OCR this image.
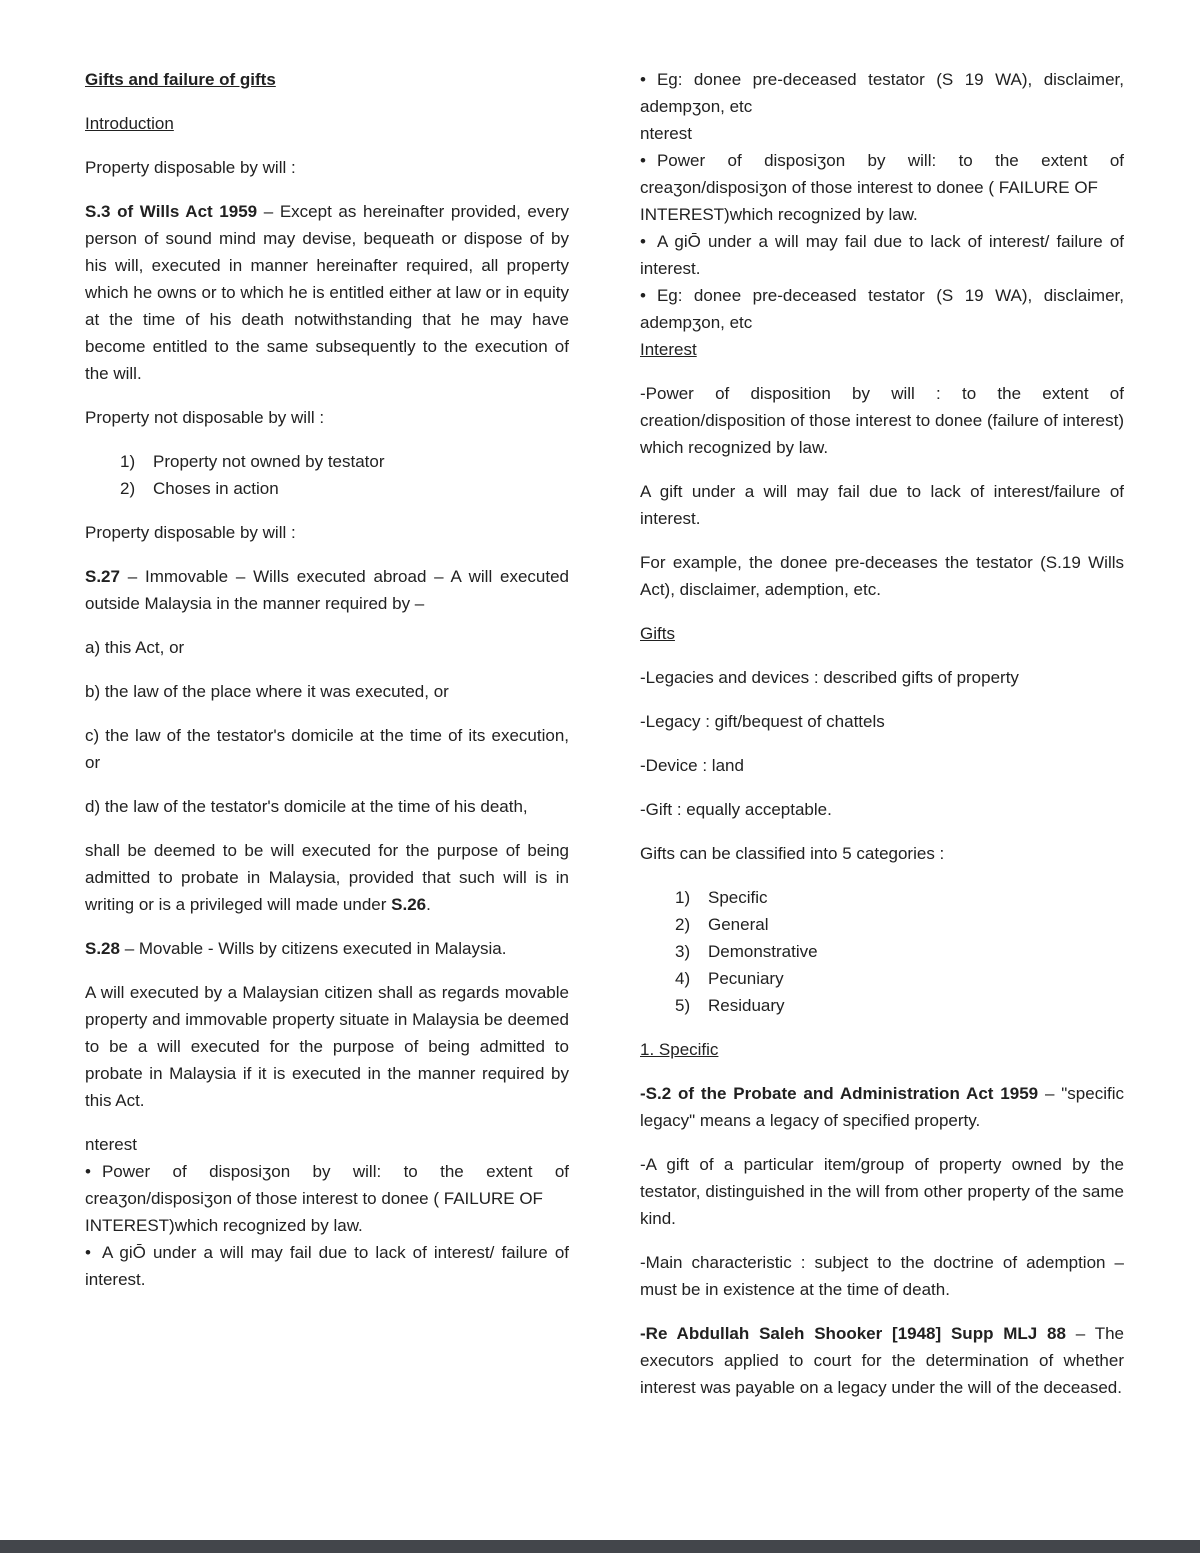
Gifts and failure of gifts
Introduction
Property disposable by will :
S.3 of Wills Act 1959 – Except as hereinafter provided, every person of sound mind may devise, bequeath or dispose of by his will, executed in manner hereinafter required, all property which he owns or to which he is entitled either at law or in equity at the time of his death notwithstanding that he may have become entitled to the same subsequently to the execution of the will.
Property not disposable by will :
1)	Property not owned by testator
2)	Choses in action
Property disposable by will :
S.27 – Immovable – Wills executed abroad – A will executed outside Malaysia in the manner required by –
a) this Act, or
b) the law of the place where it was executed, or
c) the law of the testator's domicile at the time of its execution, or
d) the law of the testator's domicile at the time of his death,
shall be deemed to be will executed for the purpose of being admitted to probate in Malaysia, provided that such will is in writing or is a privileged will made under S.26.
S.28 – Movable - Wills by citizens executed in Malaysia.
A will executed by a Malaysian citizen shall as regards movable property and immovable property situate in Malaysia be deemed to be a will executed for the purpose of being admitted to probate in Malaysia if it is executed in the manner required by this Act.
nterest
• Power of disposiʒon by will: to the extent of creaʒon/disposiʒon of those interest to donee ( FAILURE OF
INTEREST)which recognized by law.
• A giŌ under a will may fail due to lack of interest/ failure of interest.
• Eg: donee pre-deceased testator (S 19 WA), disclaimer, adempʒon, etc
nterest
• Power of disposiʒon by will: to the extent of creaʒon/disposiʒon of those interest to donee ( FAILURE OF
INTEREST)which recognized by law.
• A giŌ under a will may fail due to lack of interest/ failure of interest.
• Eg: donee pre-deceased testator (S 19 WA), disclaimer, adempʒon, etc
Interest
-Power of disposition by will : to the extent of creation/disposition of those interest to donee (failure of interest) which recognized by law.
A gift under a will may fail due to lack of interest/failure of interest.
For example, the donee pre-deceases the testator (S.19 Wills Act), disclaimer, ademption, etc.
Gifts
-Legacies and devices : described gifts of property
-Legacy : gift/bequest of chattels
-Device : land
-Gift : equally acceptable.
Gifts can be classified into 5 categories :
1)	Specific
2)	General
3)	Demonstrative
4)	Pecuniary
5)	Residuary
1. Specific
-S.2 of the Probate and Administration Act 1959 – "specific legacy" means a legacy of specified property.
-A gift of a particular item/group of property owned by the testator, distinguished in the will from other property of the same kind.
-Main characteristic : subject to the doctrine of ademption – must be in existence at the time of death.
-Re Abdullah Saleh Shooker [1948] Supp MLJ 88 – The executors applied to court for the determination of whether interest was payable on a legacy under the will of the deceased.
